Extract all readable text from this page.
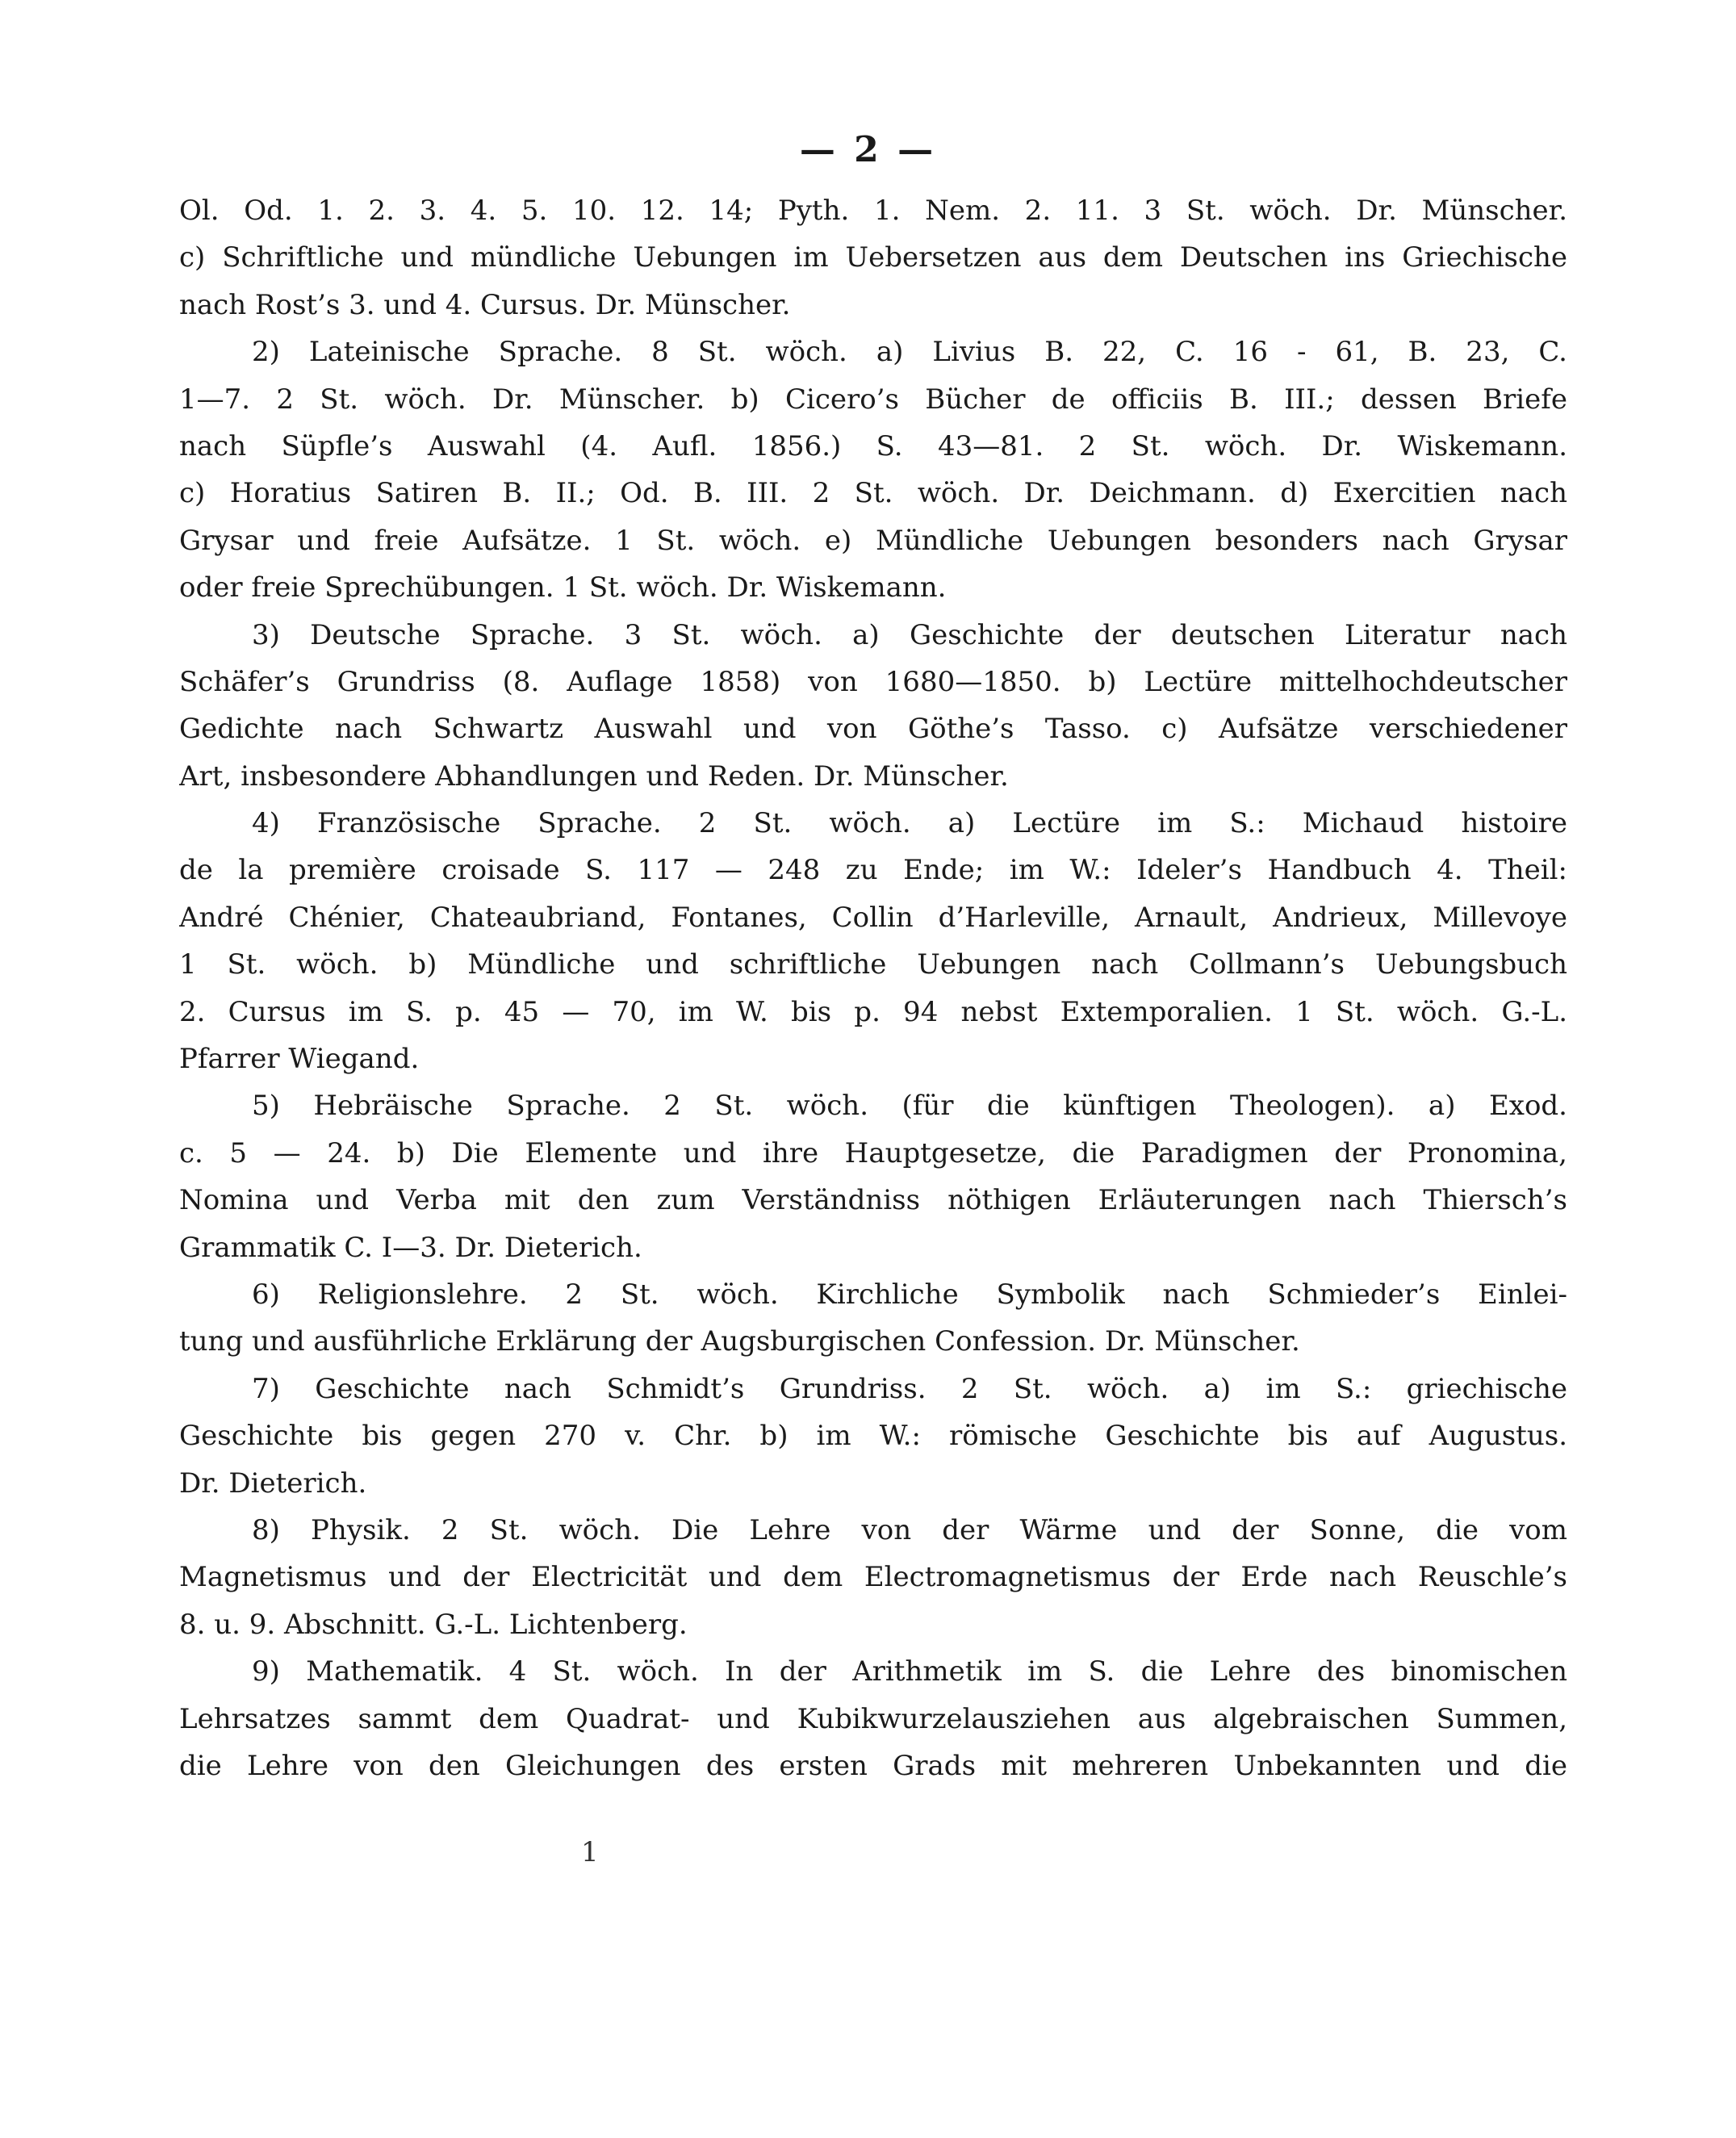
— 2 —
Ol. Od. 1. 2. 3. 4. 5. 10. 12. 14; Pyth. 1. Nem. 2. 11. 3 St. wöch. Dr. Münscher.
c) Schriftliche und mündliche Uebungen im Uebersetzen aus dem Deutschen ins Griechische
nach Rost’s 3. und 4. Cursus. Dr. Münscher.
2) Lateinische Sprache. 8 St. wöch. a) Livius B. 22, C. 16 - 61, B. 23, C.
1—7. 2 St. wöch. Dr. Münscher. b) Cicero’s Bücher de officiis B. III.; dessen Briefe
nach Süpfle’s Auswahl (4. Aufl. 1856.) S. 43—81. 2 St. wöch. Dr. Wiskemann.
c) Horatius Satiren B. II.; Od. B. III. 2 St. wöch. Dr. Deichmann. d) Exercitien nach
Grysar und freie Aufsätze. 1 St. wöch. e) Mündliche Uebungen besonders nach Grysar
oder freie Sprechübungen. 1 St. wöch. Dr. Wiskemann.
3) Deutsche Sprache. 3 St. wöch. a) Geschichte der deutschen Literatur nach
Schäfer’s Grundriss (8. Auflage 1858) von 1680—1850. b) Lectüre mittelhochdeutscher
Gedichte nach Schwartz Auswahl und von Göthe’s Tasso. c) Aufsätze verschiedener
Art, insbesondere Abhandlungen und Reden. Dr. Münscher.
4) Französische Sprache. 2 St. wöch. a) Lectüre im S.: Michaud histoire
de la première croisade S. 117 — 248 zu Ende; im W.: Ideler’s Handbuch 4. Theil:
André Chénier, Chateaubriand, Fontanes, Collin d’Harleville, Arnault, Andrieux, Millevoye
1 St. wöch. b) Mündliche und schriftliche Uebungen nach Collmann’s Uebungsbuch
2. Cursus im S. p. 45 — 70, im W. bis p. 94 nebst Extemporalien. 1 St. wöch. G.-L.
Pfarrer Wiegand.
5) Hebräische Sprache. 2 St. wöch. (für die künftigen Theologen). a) Exod.
c. 5 — 24. b) Die Elemente und ihre Hauptgesetze, die Paradigmen der Pronomina,
Nomina und Verba mit den zum Verständniss nöthigen Erläuterungen nach Thiersch’s
Grammatik C. I—3. Dr. Dieterich.
6) Religionslehre. 2 St. wöch. Kirchliche Symbolik nach Schmieder’s Einlei-
tung und ausführliche Erklärung der Augsburgischen Confession. Dr. Münscher.
7) Geschichte nach Schmidt’s Grundriss. 2 St. wöch. a) im S.: griechische
Geschichte bis gegen 270 v. Chr. b) im W.: römische Geschichte bis auf Augustus.
Dr. Dieterich.
8) Physik. 2 St. wöch. Die Lehre von der Wärme und der Sonne, die vom
Magnetismus und der Electricität und dem Electromagnetismus der Erde nach Reuschle’s
8. u. 9. Abschnitt. G.-L. Lichtenberg.
9) Mathematik. 4 St. wöch. In der Arithmetik im S. die Lehre des binomischen
Lehrsatzes sammt dem Quadrat- und Kubikwurzelausziehen aus algebraischen Summen,
die Lehre von den Gleichungen des ersten Grads mit mehreren Unbekannten und die
1
